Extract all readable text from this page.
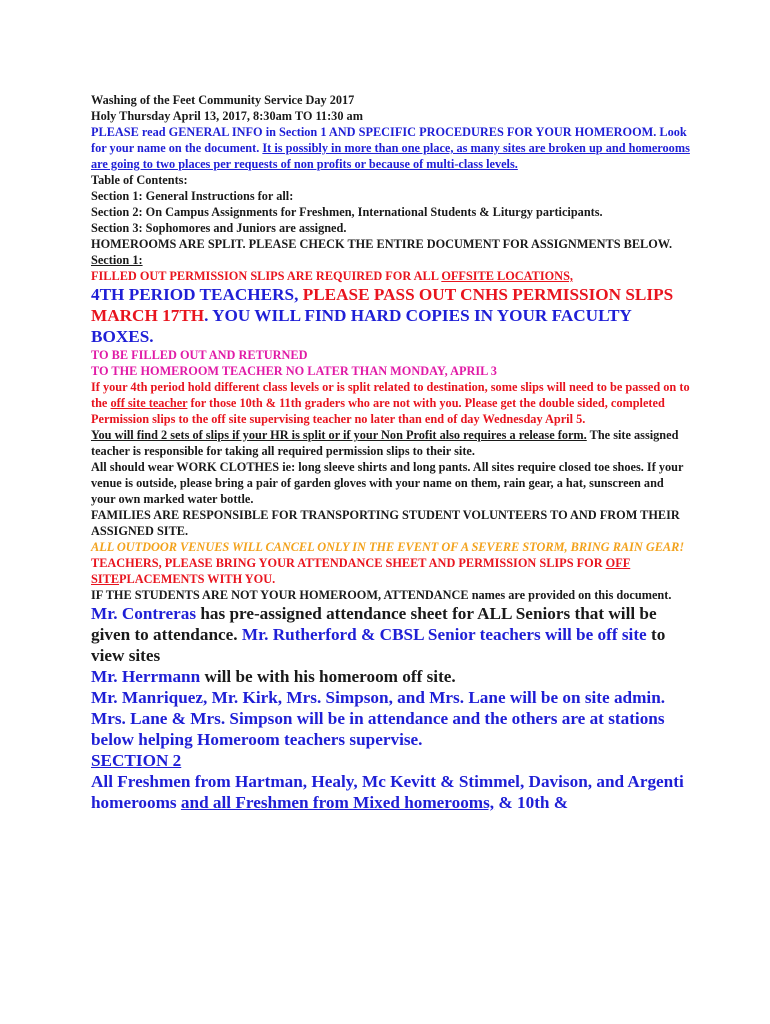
Washing of the Feet Community Service Day 2017

Holy Thursday April 13, 2017, 8:30am TO 11:30 am

PLEASE read GENERAL INFO in Section 1 AND SPECIFIC PROCEDURES FOR YOUR HOMEROOM. Look for your name on the document. It is possibly in more than one place, as many sites are broken up and homerooms are going to two places per requests of non profits or because of multi-class levels.

Table of Contents:

Section 1: General Instructions for all:

Section 2: On Campus Assignments for Freshmen, International Students & Liturgy participants.

Section 3: Sophomores and Juniors are assigned.

HOMEROOMS ARE SPLIT. PLEASE CHECK THE ENTIRE DOCUMENT FOR ASSIGNMENTS BELOW.

Section 1:

FILLED OUT PERMISSION SLIPS ARE REQUIRED FOR ALL OFFSITE LOCATIONS,

4TH PERIOD TEACHERS, PLEASE PASS OUT CNHS PERMISSION SLIPS MARCH 17TH. YOU WILL FIND HARD COPIES IN YOUR FACULTY BOXES.

TO BE FILLED OUT AND RETURNED

TO THE HOMEROOM TEACHER NO LATER THAN MONDAY, APRIL 3

If your 4th period hold different class levels or is split related to destination, some slips will need to be passed on to the off site teacher for those 10th & 11th graders who are not with you. Please get the double sided, completed Permission slips to the off site supervising teacher no later than end of day Wednesday April 5.

You will find 2 sets of slips if your HR is split or if your Non Profit also requires a release form. The site assigned teacher is responsible for taking all required permission slips to their site.

All should wear WORK CLOTHES ie: long sleeve shirts and long pants. All sites require closed toe shoes. If your venue is outside, please bring a pair of garden gloves with your name on them, rain gear, a hat, sunscreen and your own marked water bottle.

FAMILIES ARE RESPONSIBLE FOR TRANSPORTING STUDENT VOLUNTEERS TO AND FROM THEIR ASSIGNED SITE.

ALL OUTDOOR VENUES WILL CANCEL ONLY IN THE EVENT OF A SEVERE STORM, BRING RAIN GEAR!

TEACHERS, PLEASE BRING YOUR ATTENDANCE SHEET AND PERMISSION SLIPS FOR OFF SITEPLACEMENTS WITH YOU.

IF THE STUDENTS ARE NOT YOUR HOMEROOM, ATTENDANCE names are provided on this document.

Mr. Contreras has pre-assigned attendance sheet for ALL Seniors that will be given to attendance. Mr. Rutherford & CBSL Senior teachers will be off site to view sites

Mr. Herrmann will be with his homeroom off site.

Mr. Manriquez, Mr. Kirk, Mrs. Simpson, and Mrs. Lane will be on site admin.

Mrs. Lane & Mrs. Simpson will be in attendance and the others are at stations below helping Homeroom teachers supervise.

SECTION 2

All Freshmen from Hartman, Healy, Mc Kevitt & Stimmel, Davison, and Argenti homerooms and all Freshmen from Mixed homerooms, & 10th &
